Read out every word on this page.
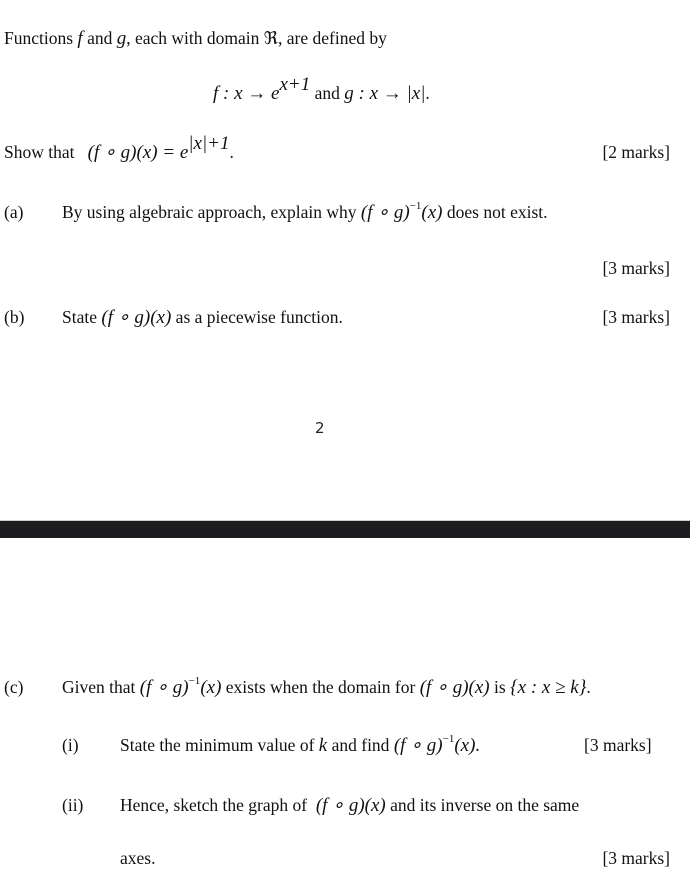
Functions f and g, each with domain ℜ, are defined by
f : $x \to e^{x+1}$ and g : x → |x|.
Show that (f ∘ $g)(x) = e^{|x|+1}$.	[2 marks]
(a) By using algebraic approach, explain why (f ∘ g)$^{-1}$(x) does not exist.
[3 marks]
(b) State (f ∘ g)(x) as a piecewise function.	[3 marks]
2
(c) Given that (f ∘ g)$^{-1}$(x) exists when the domain for (f ∘ g)(x) is {x : x ≥ k}.
(i) State the minimum value of k and find (f ∘ g)$^{-1}$(x).	[3 marks]
(ii) Hence, sketch the graph of (f ∘ g)(x) and its inverse on the same
axes.	[3 marks]
